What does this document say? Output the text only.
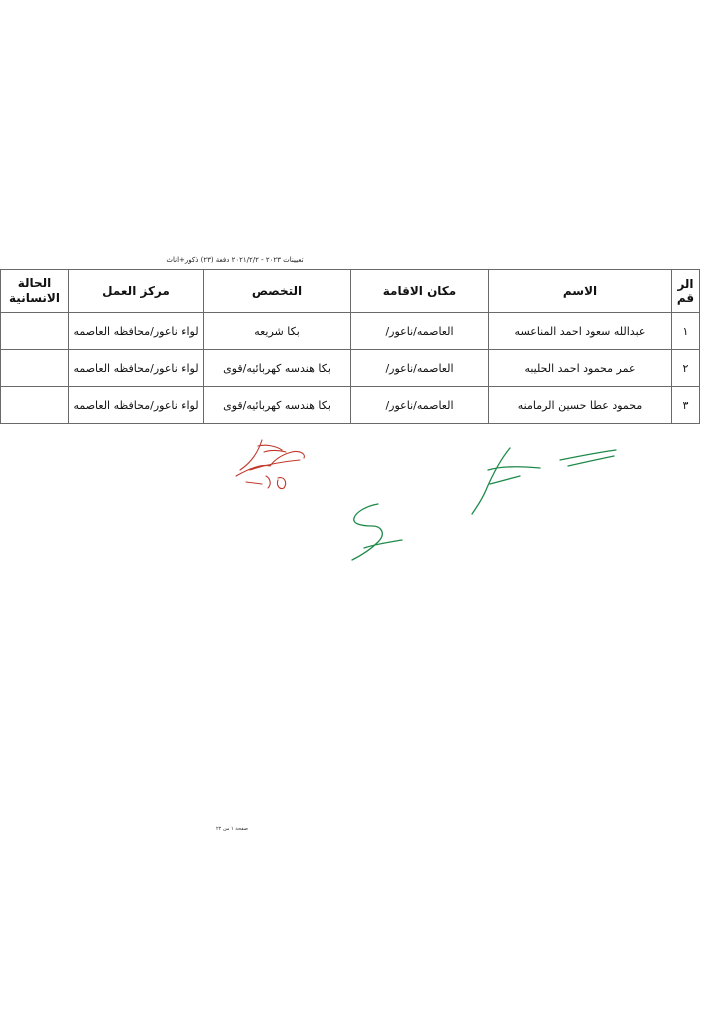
تعيينات ٢٠٢٣ - ٢٠٢١/٢/٢ دفعة (٢٣) ذكور+اناث
الر قم	الاسم	مكان الاقامة	التخصص	مركز العمل	الحالة الانسانية
١	عبدالله سعود احمد المناعسه	العاصمه/ناعور/	بكا شريعه	لواء ناعور/محافظه العاصمه	
٢	عمر محمود احمد الحليبه	العاصمه/ناعور/	بكا هندسه كهربائيه/قوى	لواء ناعور/محافظه العاصمه	
٣	محمود عطا حسين الرمامنه	العاصمه/ناعور/	بكا هندسه كهربائيه/قوى	لواء ناعور/محافظه العاصمه	
صفحة ١ من ٢٢
